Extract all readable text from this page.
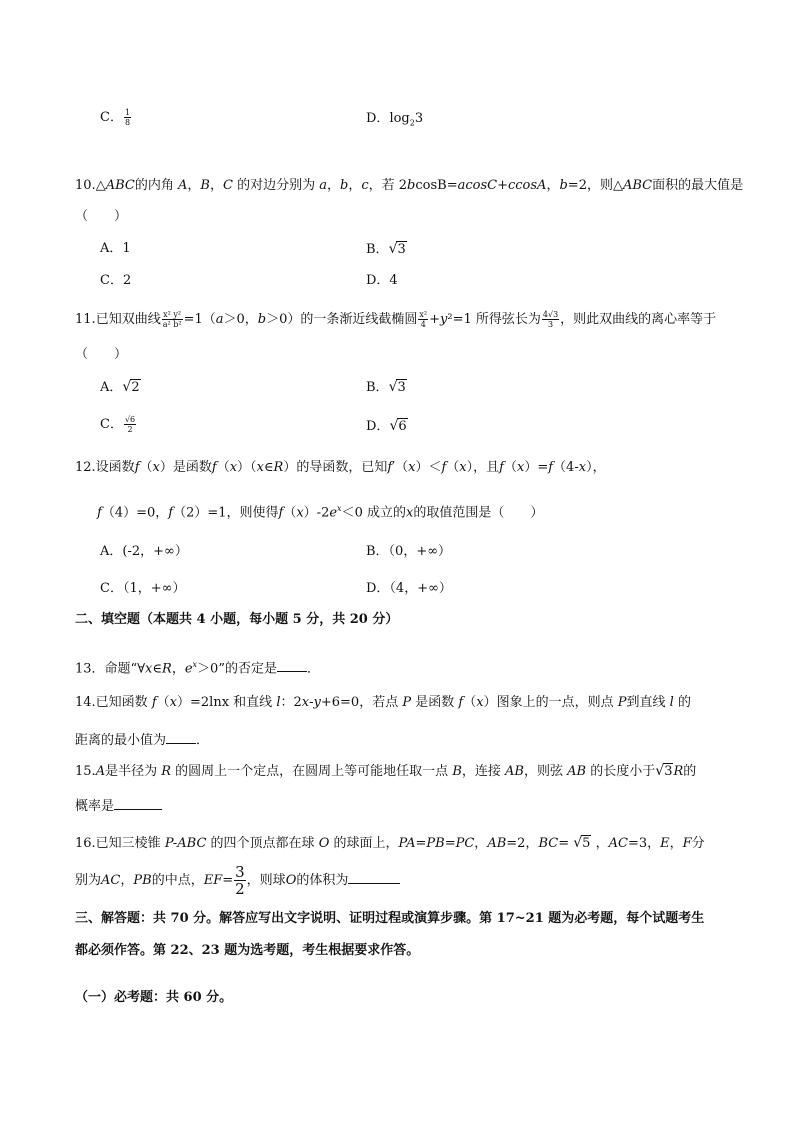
C． $\frac{1}{8}$	D．$\log_23$
10.△ABC的内角 A，B，C 的对边分别为 a，b，c，若 2bcosB=acosC+ccosA，b=2，则△ABC面积的最大值是
（　　）
A．1	B．√3
C．2	D．4
11.已知双曲线 $\frac{\text{x² y²}}{\text{a² b²}} =1(a>0$，b＞0）的一条渐近线截椭圆 $\frac{\text{x²}}{4} +y^2=1$ 所得弦长为 $\frac{4√3}{3}$ ，则此双曲线的离心率等于
（　　）
A．√2	B．√3
C． $\frac{√6}{2}$	D．√6
12.设函数f（x）是函数f（x）（x∈R）的导函数，已知f′（x）＜f（x），且f（x）=f（4-x），
f（4）=0，f（2）=1，则使得$f(x)-2e^x<0$ 成立的x的取值范围是（　　）
A．(-2，+∞）	B．（0，+∞）
C．（1，+∞）	D．（4，+∞）
二、填空题（本题共 4 小题，每小题 5 分，共 20 分）
13．命题“∀x∈R，$e^x>0$”的否定是 ．
14.已知函数 f（x）=2lnx 和直线 l：2x-y+6=0，若点 P 是函数 f（x）图象上的一点，则点 P到直线 l 的
距离的最小值为 ．
15.A是半径为 R 的圆周上一个定点，在圆周上等可能地任取一点 B，连接 AB，则弦 AB 的长度小于√3R的
概率是
16.已知三棱锥 P-ABC 的四个顶点都在球 O 的球面上，PA=PB=PC，AB=2，BC= √5 ，AC=3，E，F分
别为AC，PB的中点，$EF= \frac{3}{2}$ ，则球O的体积为
三、解答题：共 70 分。解答应写出文字说明、证明过程或演算步骤。第 17~21 题为必考题，每个试题考生
都必须作答。第 22、23 题为选考题，考生根据要求作答。
（一）必考题：共 60 分。
